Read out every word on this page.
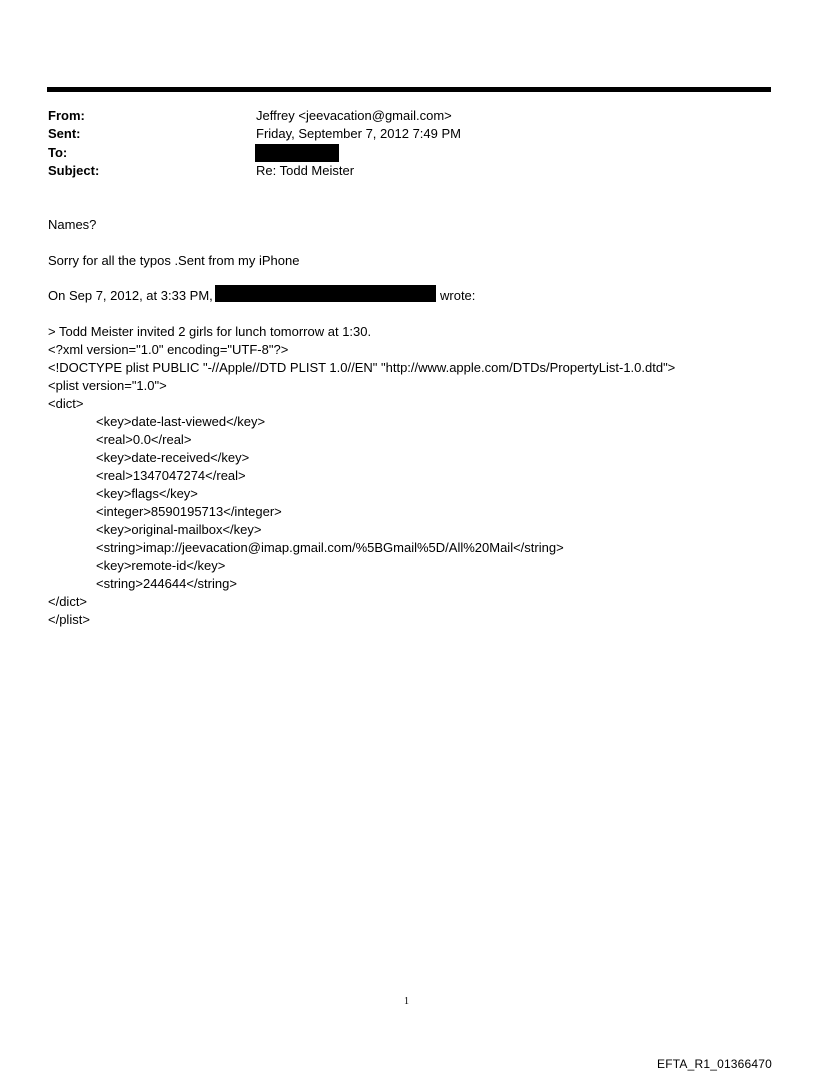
From:	Jeffrey <jeevacation@gmail.com>
Sent:	Friday, September 7, 2012 7:49 PM
To:
Subject:	Re: Todd Meister
Names?
Sorry for all the typos .Sent from my iPhone
On Sep 7, 2012, at 3:33 PM,	wrote:
> Todd Meister invited 2 girls for lunch tomorrow at 1:30.
<?xml version="1.0" encoding="UTF-8"?>
<!DOCTYPE plist PUBLIC "-//Apple//DTD PLIST 1.0//EN" "http://www.apple.com/DTDs/PropertyList-1.0.dtd">
<plist version="1.0">
<dict>
<key>date-last-viewed</key>
<real>0.0</real>
<key>date-received</key>
<real>1347047274</real>
<key>flags</key>
<integer>8590195713</integer>
<key>original-mailbox</key>
<string>imap://jeevacation@imap.gmail.com/%5BGmail%5D/All%20Mail</string>
<key>remote-id</key>
<string>244644</string>
</dict>
</plist>
1
EFTA_R1_01366470
